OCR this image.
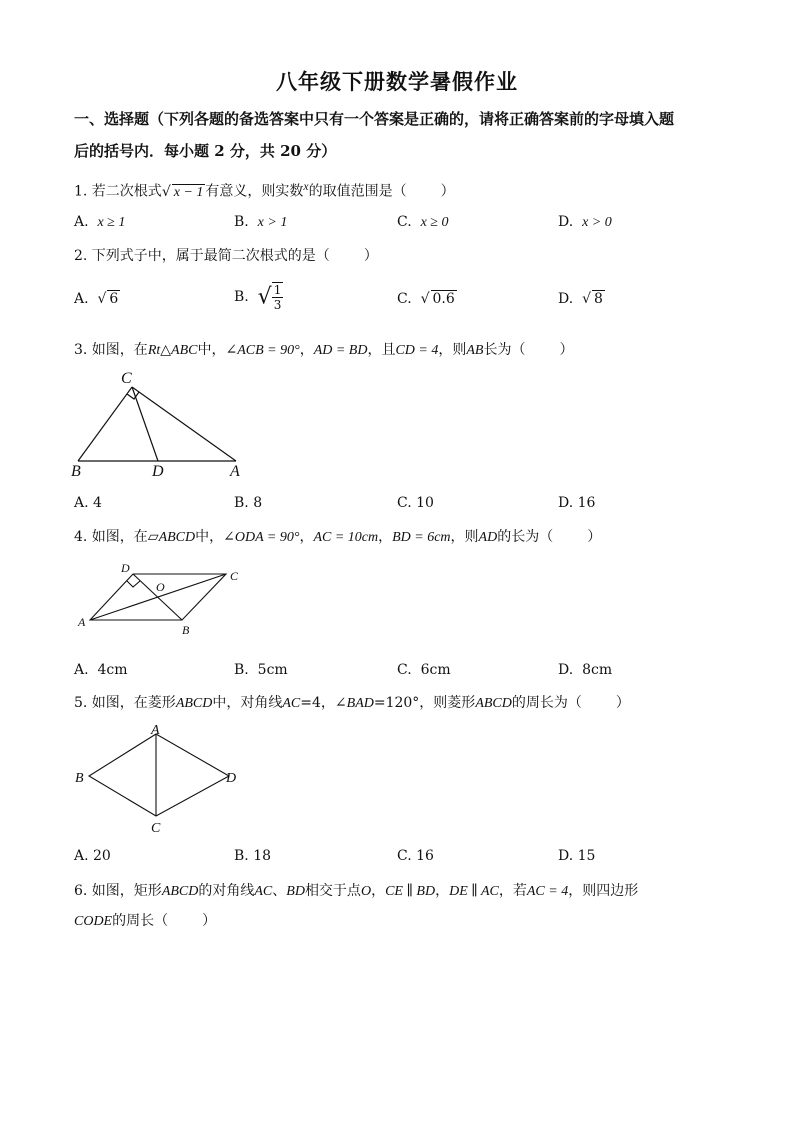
八年级下册数学暑假作业
一、选择题（下列各题的备选答案中只有一个答案是正确的，请将正确答案前的字母填入题
后的括号内．每小题 2 分，共 20 分）
1. 若二次根式√ x − 1 有意义，则实数$^x$的取值范围是（ ）
A. x ≥ 1	B. x > 1	C. x ≥ 0	D. x > 0
2. 下列式子中，属于最简二次根式的是（ ）
A.  √ 6	B. √ $\frac{1}{3}$	C.  √ 0.6	D.  √ 8
3. 如图，在Rt△ABC中，∠ACB = 90°，AD = BD，且CD = 4，则AB长为（ ）
C
B	D	A
A. 4	B. 8	C. 10	D. 16
4. 如图，在▱ABCD中，∠ODA = 90°，AC = 10cm，BD = 6cm，则AD的长为（ ）
D
C
O
A
B
A. 4cm	B. 5cm	C. 6cm	D. 8cm
5. 如图，在菱形ABCD中，对角线AC=4，∠BAD=120°，则菱形ABCD的周长为（ ）
A
B
C
D
A. 20	B. 18	C. 16	D. 15
6. 如图，矩形ABCD的对角线AC、BD相交于点O，CE ∥ BD，DE ∥ AC，若AC = 4，则四边形
CODE的周长（ ）
